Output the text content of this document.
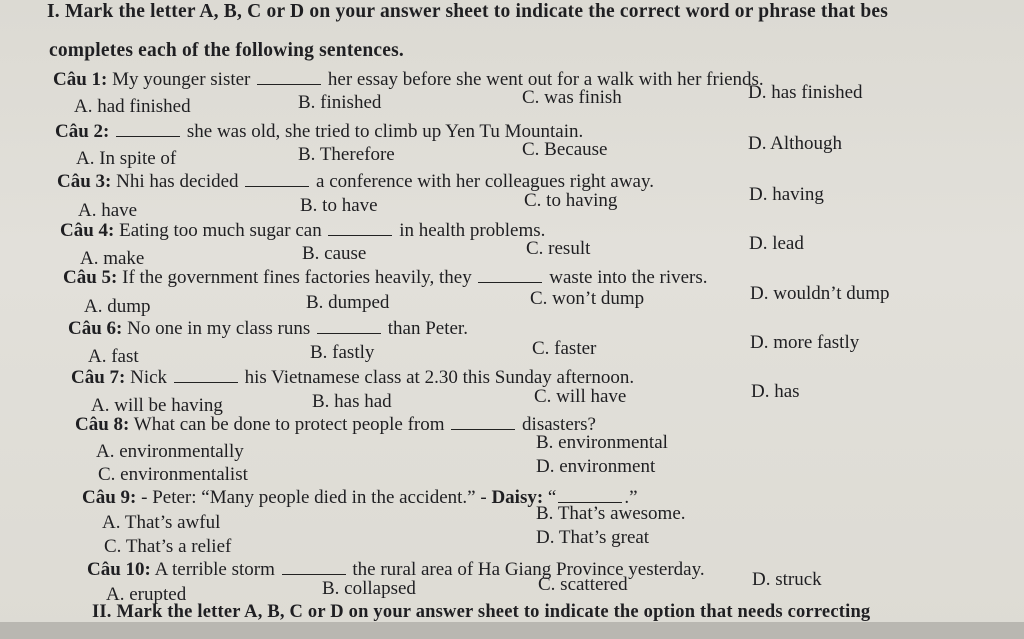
I. Mark the letter A, B, C or D on your answer sheet to indicate the correct word or phrase that bes
completes each of the following sentences.
Câu 1: My younger sister	her essay before she went out for a walk with her friends.
A. had finished	B. finished	C. was finish	D. has finished
Câu 2:	she was old, she tried to climb up Yen Tu Mountain.
A. In spite of	B. Therefore	C. Because	D. Although
Câu 3: Nhi has decided	a conference with her colleagues right away.
A. have	B. to have	C. to having	D. having
Câu 4: Eating too much sugar can	in health problems.
A. make	B. cause	C. result	D. lead
Câu 5: If the government fines factories heavily, they	waste into the rivers.
A. dump	B. dumped	C. won’t dump	D. wouldn’t dump
Câu 6: No one in my class runs	than Peter.
A. fast	B. fastly	C. faster	D. more fastly
Câu 7: Nick	his Vietnamese class at 2.30 this Sunday afternoon.
A. will be having	B. has had	C. will have	D. has
Câu 8: What can be done to protect people from	disasters?
A. environmentally	B. environmental
C. environmentalist	D. environment
Câu 9: - Peter: “Many people died in the accident.” - Daisy: “	.”
A. That’s awful	B. That’s awesome.
C. That’s a relief	D. That’s great
Câu 10: A terrible storm	the rural area of Ha Giang Province yesterday.
A. erupted	B. collapsed	C. scattered	D. struck
II. Mark the letter A, B, C or D on your answer sheet to indicate the option that needs correcting
